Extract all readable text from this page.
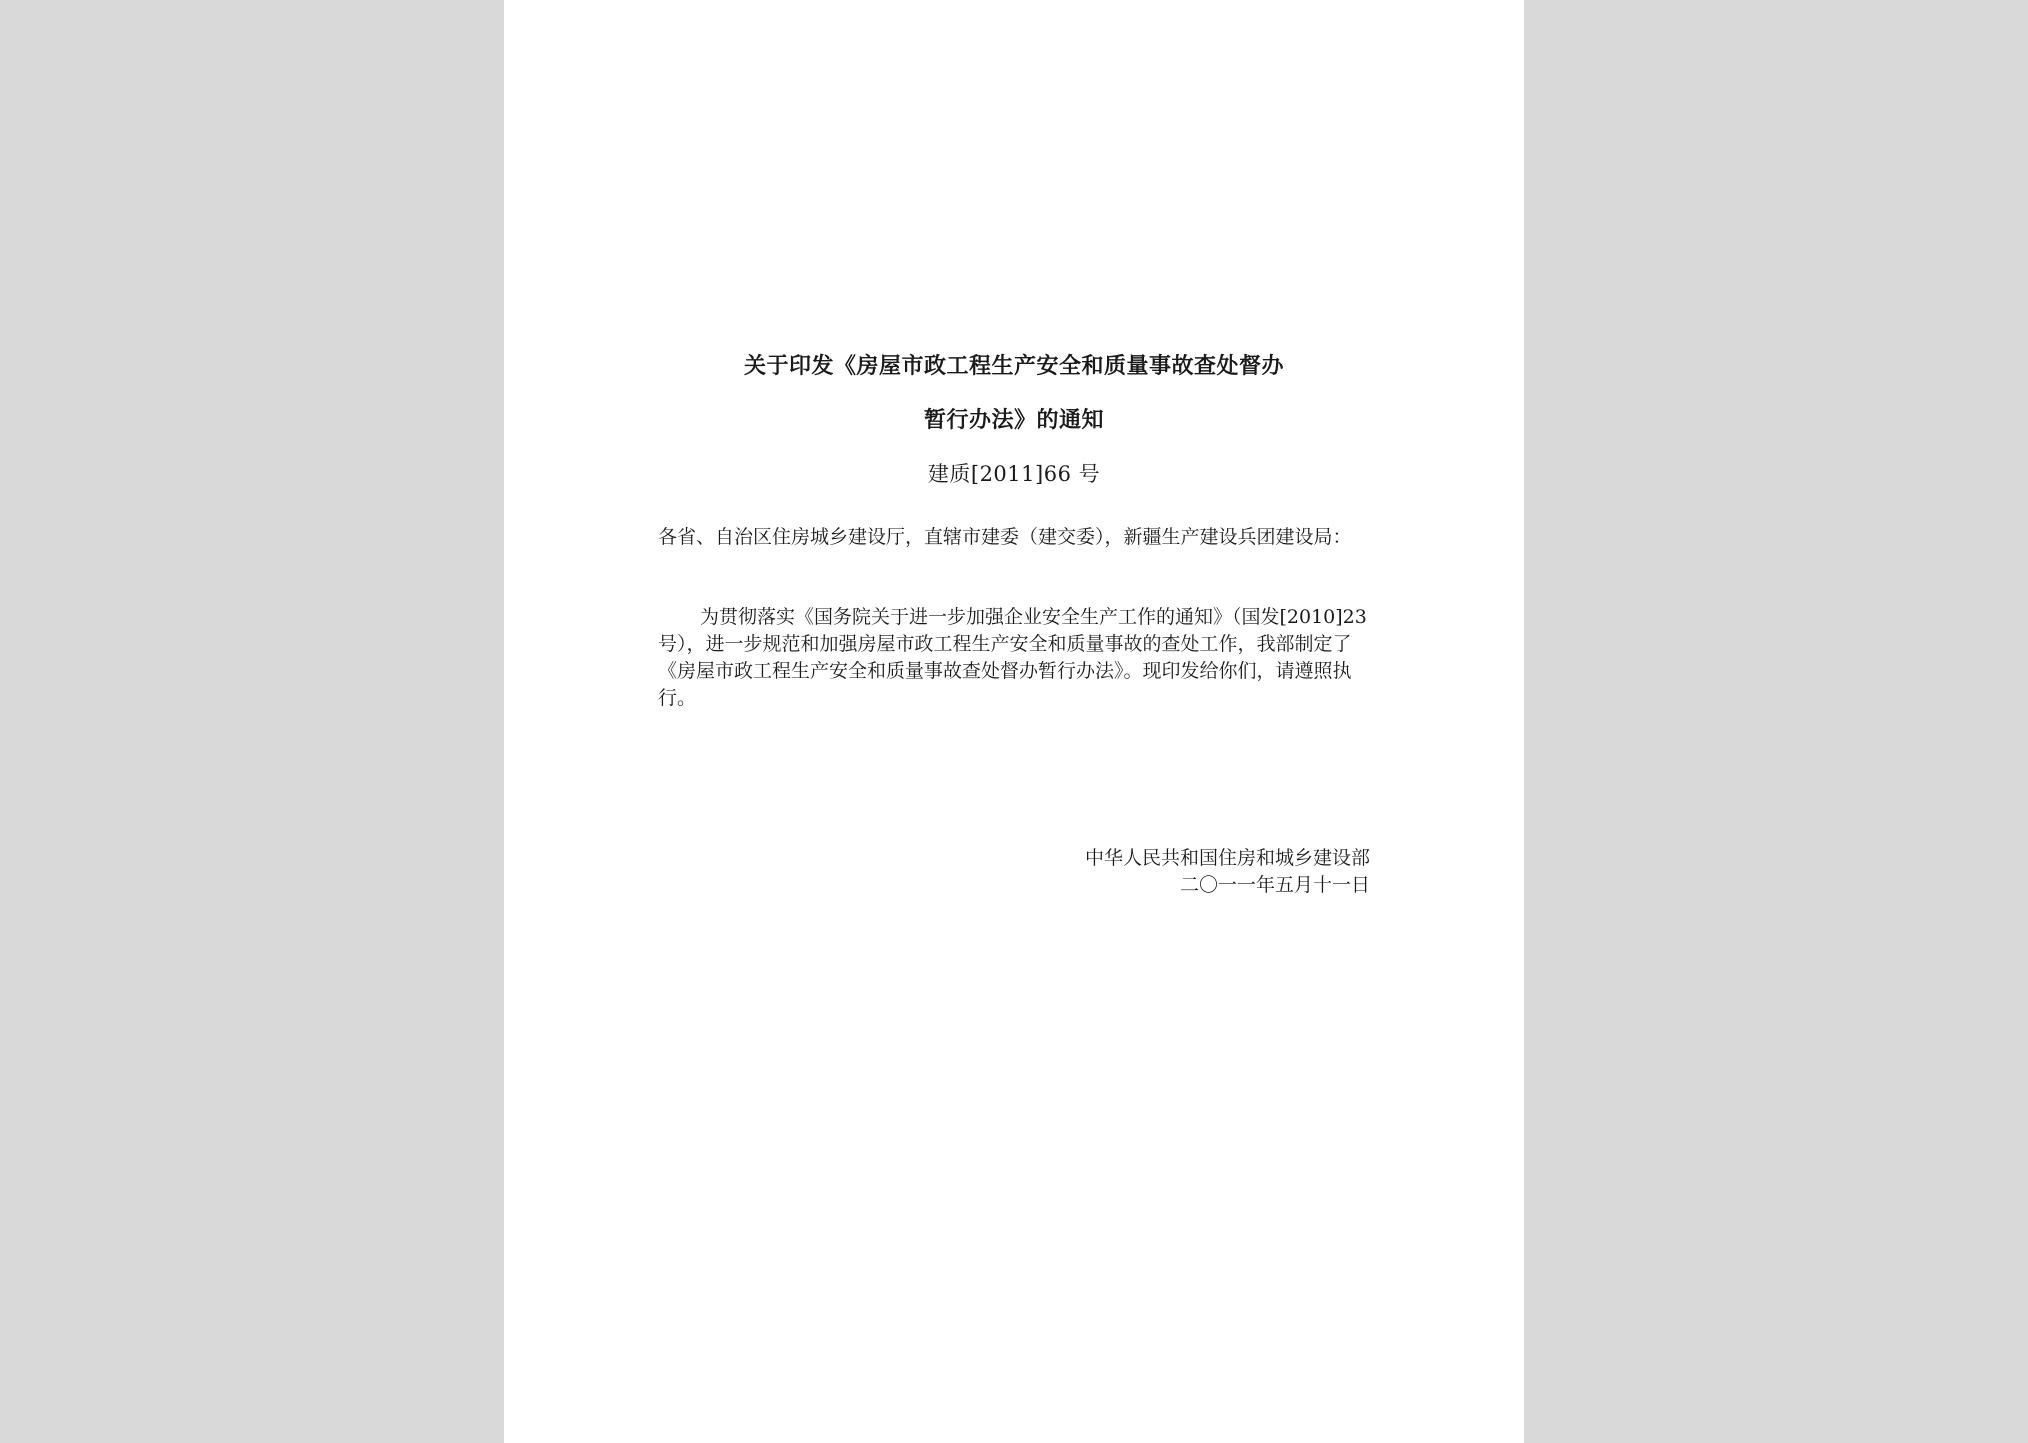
关于印发《房屋市政工程生产安全和质量事故查处督办
暂行办法》的通知
建质[2011]66 号
各省、自治区住房城乡建设厅，直辖市建委（建交委），新疆生产建设兵团建设局：
为贯彻落实《国务院关于进一步加强企业安全生产工作的通知》（国发[2010]23 号），进一步规范和加强房屋市政工程生产安全和质量事故的查处工作，我部制定了《房屋市政工程生产安全和质量事故查处督办暂行办法》。现印发给你们，请遵照执行。
中华人民共和国住房和城乡建设部
二〇一一年五月十一日
